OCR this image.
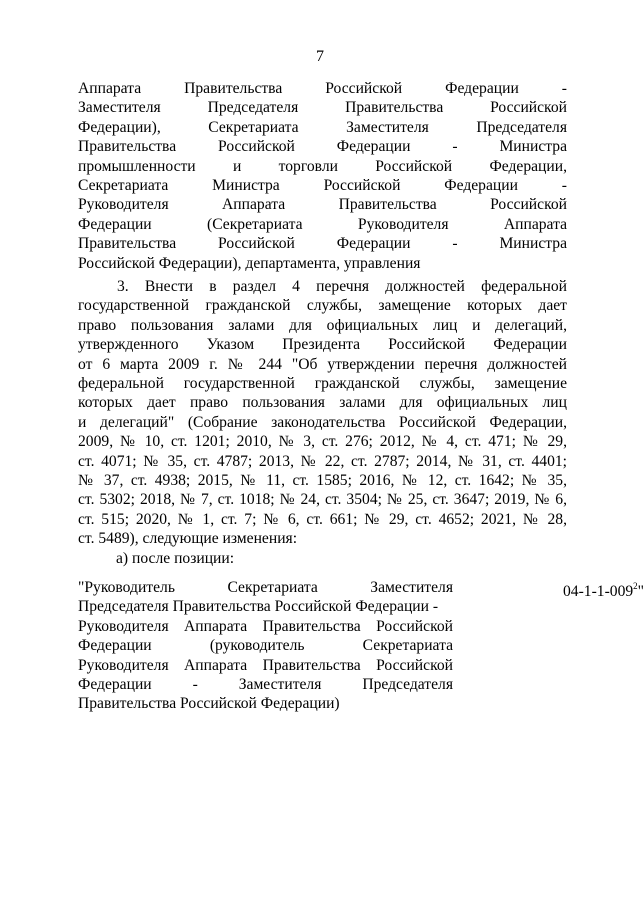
7
Аппарата Правительства Российской Федерации -
Заместителя Председателя Правительства Российской
Федерации), Секретариата Заместителя Председателя
Правительства Российской Федерации - Министра
промышленности и торговли Российской Федерации,
Секретариата Министра Российской Федерации -
Руководителя Аппарата Правительства Российской
Федерации (Секретариата Руководителя Аппарата
Правительства Российской Федерации - Министра
Российской Федерации), департамента, управления
3. Внести в раздел 4 перечня должностей федеральной
государственной гражданской службы, замещение которых дает
право пользования залами для официальных лиц и делегаций,
утвержденного Указом Президента Российской Федерации
от 6 марта 2009 г. № 244 "Об утверждении перечня должностей
федеральной государственной гражданской службы, замещение
которых дает право пользования залами для официальных лиц
и делегаций" (Собрание законодательства Российской Федерации,
2009, № 10, ст. 1201; 2010, № 3, ст. 276; 2012, № 4, ст. 471; № 29,
ст. 4071; № 35, ст. 4787; 2013, № 22, ст. 2787; 2014, № 31, ст. 4401;
№ 37, ст. 4938; 2015, № 11, ст. 1585; 2016, № 12, ст. 1642; № 35,
ст. 5302; 2018, № 7, ст. 1018; № 24, ст. 3504; № 25, ст. 3647; 2019, № 6,
ст. 515; 2020, № 1, ст. 7; № 6, ст. 661; № 29, ст. 4652; 2021, № 28,
ст. 5489), следующие изменения:
а) после позиции:
"Руководитель Секретариата Заместителя
Председателя Правительства Российской Федерации -
Руководителя Аппарата Правительства Российской
Федерации (руководитель Секретариата
Руководителя Аппарата Правительства Российской
Федерации - Заместителя Председателя
Правительства Российской Федерации)
$04-1-1-009^2$"
